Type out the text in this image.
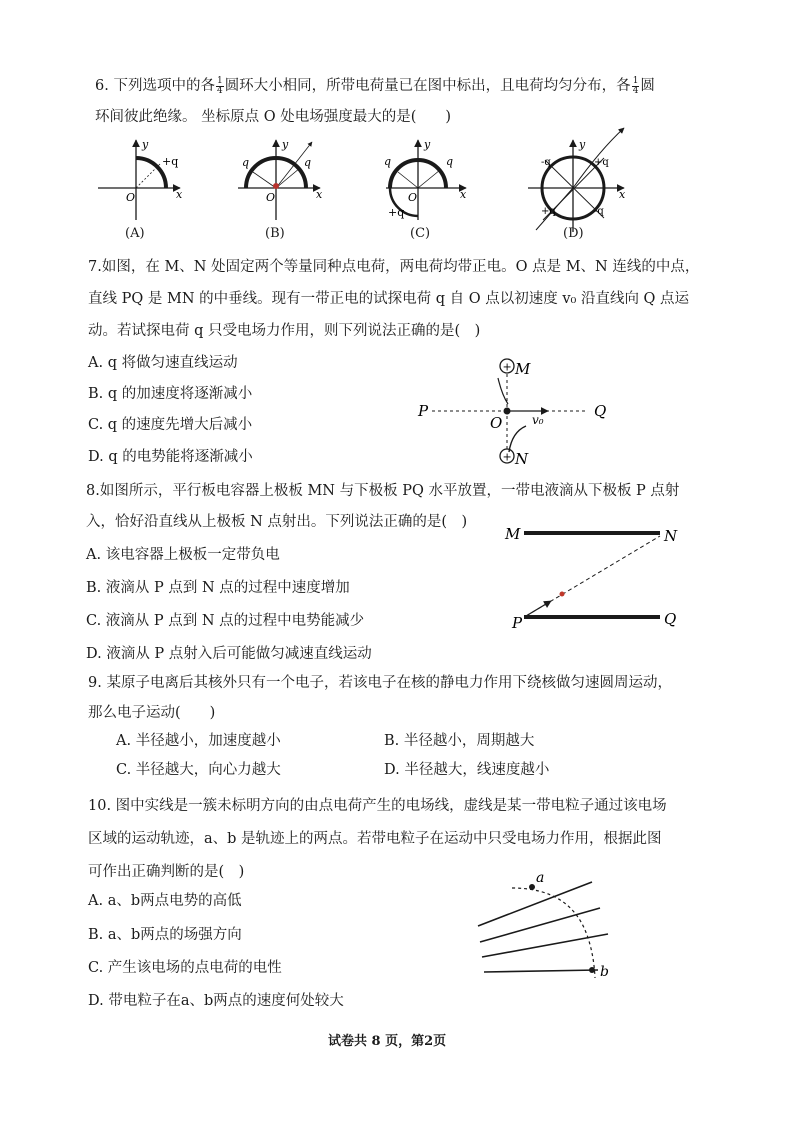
6. 下列选项中的各 $\frac{1}{4}$ 圆环大小相同，所带电荷量已在图中标出，且电荷均匀分布，各 $\frac{1}{4}$ 圆
环间彼此绝缘。 坐标原点 O 处电场强度最大的是(　　)
y
x
O
+q
y
x
O
q	q
y
x
O
q	q
+q
y
x
-q	+q
+q	-q
(A)	(B)	(C)	(D)
7.如图，在 M、N 处固定两个等量同种点电荷，两电荷均带正电。O 点是 M、N 连线的中点，
直线 PQ 是 MN 的中垂线。现有一带正电的试探电荷 q 自 O 点以初速度 v₀ 沿直线向 Q 点运
动。若试探电荷 q 只受电场力作用，则下列说法正确的是(　)
A. q 将做匀速直线运动
B. q 的加速度将逐渐减小
C. q 的速度先增大后减小
D. q 的电势能将逐渐减小
+
+
M
N
P	Q
O v₀
8.如图所示，平行板电容器上极板 MN 与下极板 PQ 水平放置，一带电液滴从下极板 P 点射
入，恰好沿直线从上极板 N 点射出。下列说法正确的是(　)
A. 该电容器上极板一定带负电
B. 液滴从 P 点到 N 点的过程中速度增加
C. 液滴从 P 点到 N 点的过程中电势能减少
D. 液滴从 P 点射入后可能做匀减速直线运动
M	N
P	Q
9. 某原子电离后其核外只有一个电子，若该电子在核的静电力作用下绕核做匀速圆周运动，
那么电子运动(　　)
A. 半径越小，加速度越小	B. 半径越小，周期越大
C. 半径越大，向心力越大	D. 半径越大，线速度越小
10. 图中实线是一簇未标明方向的由点电荷产生的电场线，虚线是某一带电粒子通过该电场
区域的运动轨迹，a、b 是轨迹上的两点。若带电粒子在运动中只受电场力作用，根据此图
可作出正确判断的是(　)
A. a、b两点电势的高低
B. a、b两点的场强方向
C. 产生该电场的点电荷的电性
D. 带电粒子在a、b两点的速度何处较大
a
b
试卷共 8 页，第2页
